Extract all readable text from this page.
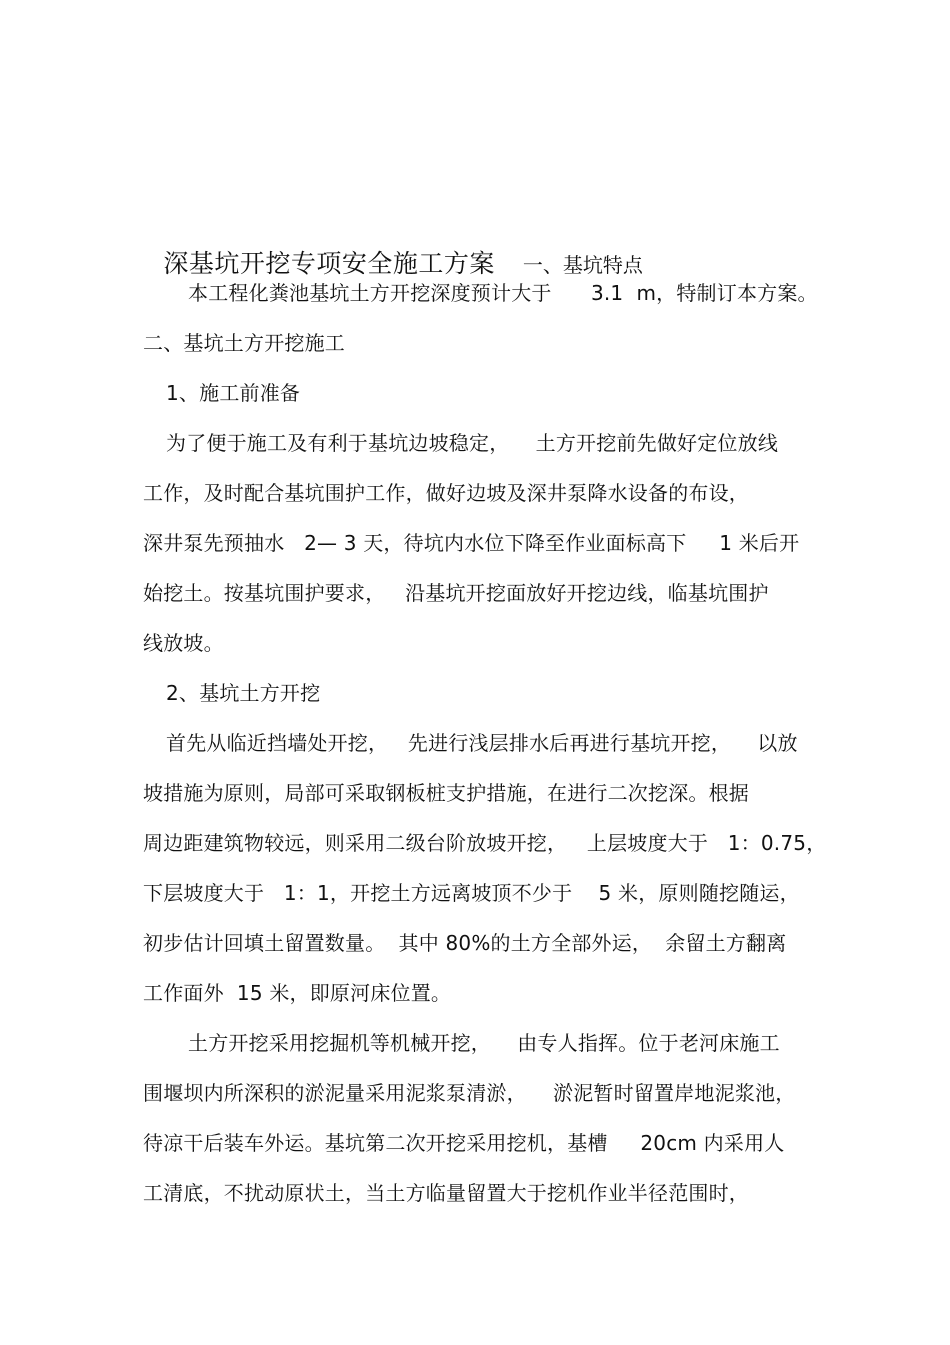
深基坑开挖专项安全施工方案 一、基坑特点

本工程化粪池基坑土方开挖深度预计大于      3.1  m，特制订本方案。
二、基坑土方开挖施工
1、施工前准备
为了便于施工及有利于基坑边坡稳定，    土方开挖前先做好定位放线
工作，及时配合基坑围护工作，做好边坡及深井泵降水设备的布设，
深井泵先预抽水   2— 3 天，待坑内水位下降至作业面标高下     1 米后开
始挖土。按基坑围护要求，   沿基坑开挖面放好开挖边线，临基坑围护
线放坡。
2、基坑土方开挖
首先从临近挡墙处开挖，   先进行浅层排水后再进行基坑开挖，    以放
坡措施为原则，局部可采取钢板桩支护措施，在进行二次挖深。根据
周边距建筑物较远，则采用二级台阶放坡开挖，   上层坡度大于   1：0.75，
下层坡度大于   1：1，开挖土方远离坡顶不少于    5 米，原则随挖随运，
初步估计回填土留置数量。  其中 80%的土方全部外运，  余留土方翻离
工作面外  15 米，即原河床位置。
土方开挖采用挖掘机等机械开挖，    由专人指挥。位于老河床施工
围堰坝内所深积的淤泥量采用泥浆泵清淤，    淤泥暂时留置岸地泥浆池，
待凉干后装车外运。基坑第二次开挖采用挖机，基槽     20cm 内采用人
工清底，不扰动原状土，当土方临量留置大于挖机作业半径范围时，
